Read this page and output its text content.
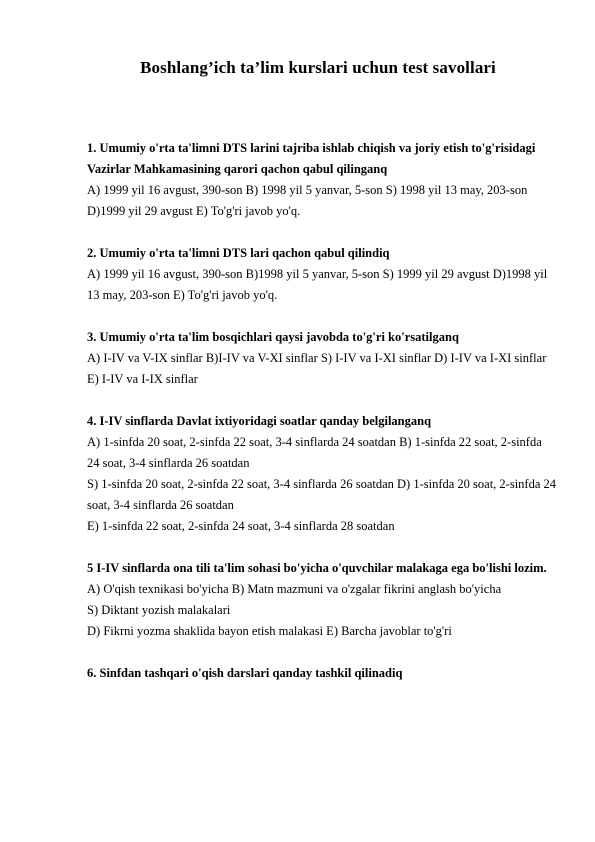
Boshlang’ich ta’lim kurslari uchun test savollari
1. Umumiy o'rta ta'limni DTS larini tajriba ishlab chiqish va joriy etish to'g'risidagi Vazirlar Mahkamasining qarori qachon qabul qilinganq
A) 1999 yil 16 avgust, 390-son B) 1998 yil 5 yanvar, 5-son S) 1998 yil 13 may, 203-son D)1999 yil 29 avgust E) To'g'ri javob yo'q.
2. Umumiy o'rta ta'limni DTS lari qachon qabul qilindiq
A) 1999 yil 16 avgust, 390-son B)1998 yil 5 yanvar, 5-son S) 1999 yil 29 avgust D)1998 yil 13 may, 203-son E) To'g'ri javob yo'q.
3. Umumiy o'rta ta'lim bosqichlari qaysi javobda to'g'ri ko'rsatilganq
A) I-IV va V-IX sinflar B)I-IV va V-XI sinflar S) I-IV va I-XI sinflar D) I-IV va I-XI sinflar E) I-IV va I-IX sinflar
4. I-IV sinflarda Davlat ixtiyoridagi soatlar qanday belgilanganq
A) 1-sinfda 20 soat, 2-sinfda 22 soat, 3-4 sinflarda 24 soatdan B) 1-sinfda 22 soat, 2-sinfda 24 soat, 3-4 sinflarda 26 soatdan
S) 1-sinfda 20 soat, 2-sinfda 22 soat, 3-4 sinflarda 26 soatdan D) 1-sinfda 20 soat, 2-sinfda 24 soat, 3-4 sinflarda 26 soatdan
E) 1-sinfda 22 soat, 2-sinfda 24 soat, 3-4 sinflarda 28 soatdan
5 I-IV sinflarda ona tili ta'lim sohasi bo'yicha o'quvchilar malakaga ega bo'lishi lozim.
A) O'qish texnikasi bo'yicha B) Matn mazmuni va o'zgalar fikrini anglash bo'yicha
S) Diktant yozish malakalari
D) Fikrni yozma shaklida bayon etish malakasi E) Barcha javoblar to'g'ri
6. Sinfdan tashqari o'qish darslari qanday tashkil qilinadiq
